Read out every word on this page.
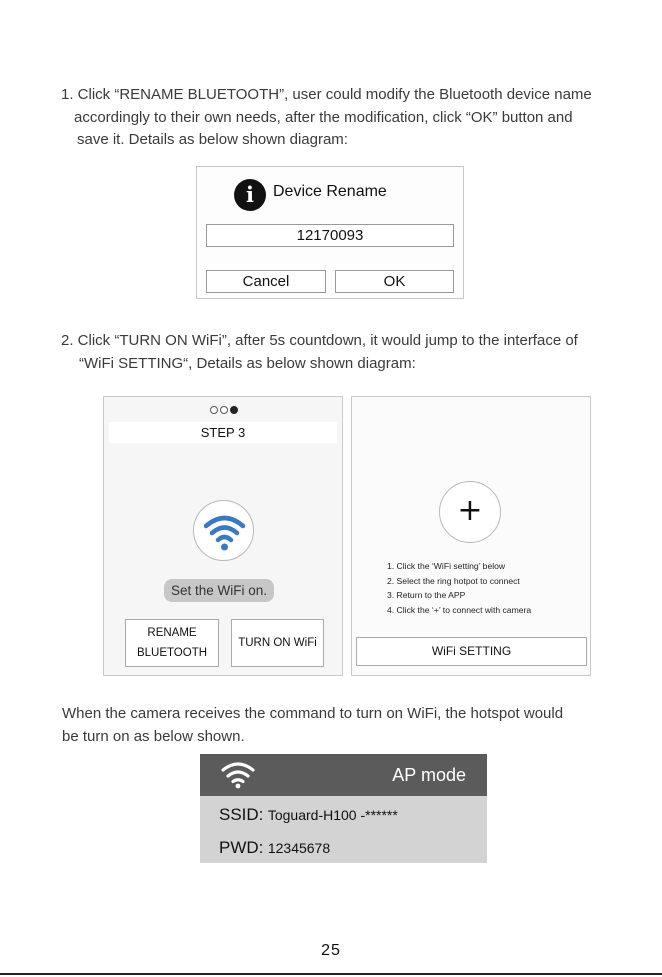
1. Click “RENAME BLUETOOTH”, user could modify the Bluetooth device name
accordingly to their own needs, after the modification, click “OK” button and
save it. Details as below shown diagram:
i	Device Rename
12170093
Cancel	OK
2. Click “TURN ON WiFi”, after 5s countdown, it would jump to the interface of
“WiFi SETTING“, Details as below shown diagram:
STEP 3
Set the WiFi on.
RENAME
BLUETOOTH
TURN ON WiFi
+
1. Click the ‘WiFi setting’ below
2. Select the ring hotpot to connect
3. Return to the APP
4. Click the ‘+’ to connect with camera
WiFi SETTING
When the camera receives the command to turn on WiFi, the hotspot would
be turn on as below shown.
AP mode
SSID: Toguard-H100 -******
PWD: 12345678
25
